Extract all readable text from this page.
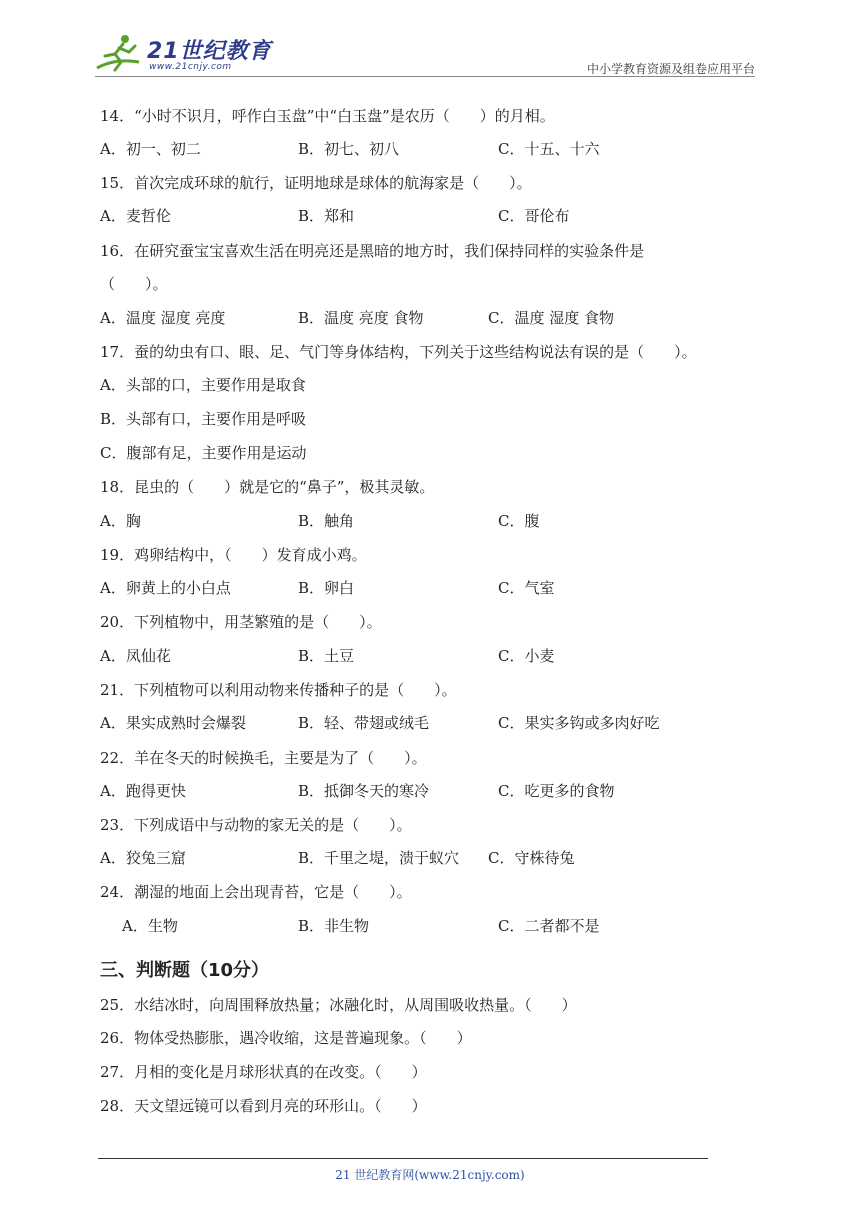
21世纪教育
www.21cnjy.com	中小学教育资源及组卷应用平台
14．“小时不识月，呼作白玉盘”中“白玉盘”是农历（　　）的月相。
A．初一、初二	B．初七、初八	C．十五、十六
15．首次完成环球的航行，证明地球是球体的航海家是（　　）。
A．麦哲伦	B．郑和	C．哥伦布
16．在研究蚕宝宝喜欢生活在明亮还是黑暗的地方时，我们保持同样的实验条件是
（　　）。
A．温度 湿度 亮度	B．温度 亮度 食物	C．温度 湿度 食物
17．蚕的幼虫有口、眼、足、气门等身体结构，下列关于这些结构说法有误的是（　　）。
A．头部的口，主要作用是取食
B．头部有口，主要作用是呼吸
C．腹部有足，主要作用是运动
18．昆虫的（　　）就是它的“鼻子”，极其灵敏。
A．胸	B．触角	C．腹
19．鸡卵结构中，（　　）发育成小鸡。
A．卵黄上的小白点	B．卵白	C．气室
20．下列植物中，用茎繁殖的是（　　）。
A．凤仙花	B．土豆	C．小麦
21．下列植物可以利用动物来传播种子的是（　　）。
A．果实成熟时会爆裂	B．轻、带翅或绒毛	C．果实多钩或多肉好吃
22．羊在冬天的时候换毛，主要是为了（　　）。
A．跑得更快	B．抵御冬天的寒冷	C．吃更多的食物
23．下列成语中与动物的家无关的是（　　）。
A．狡兔三窟	B．千里之堤，溃于蚁穴 C．守株待兔
24．潮湿的地面上会出现青苔，它是（　　）。
A．生物	B．非生物	C．二者都不是
三、判断题（10分）
25．水结冰时，向周围释放热量；冰融化时，从周围吸收热量。（　　）
26．物体受热膨胀，遇冷收缩，这是普遍现象。（　　）
27．月相的变化是月球形状真的在改变。（　　）
28．天文望远镜可以看到月亮的环形山。（　　）
21 世纪教育网(www.21cnjy.com)
